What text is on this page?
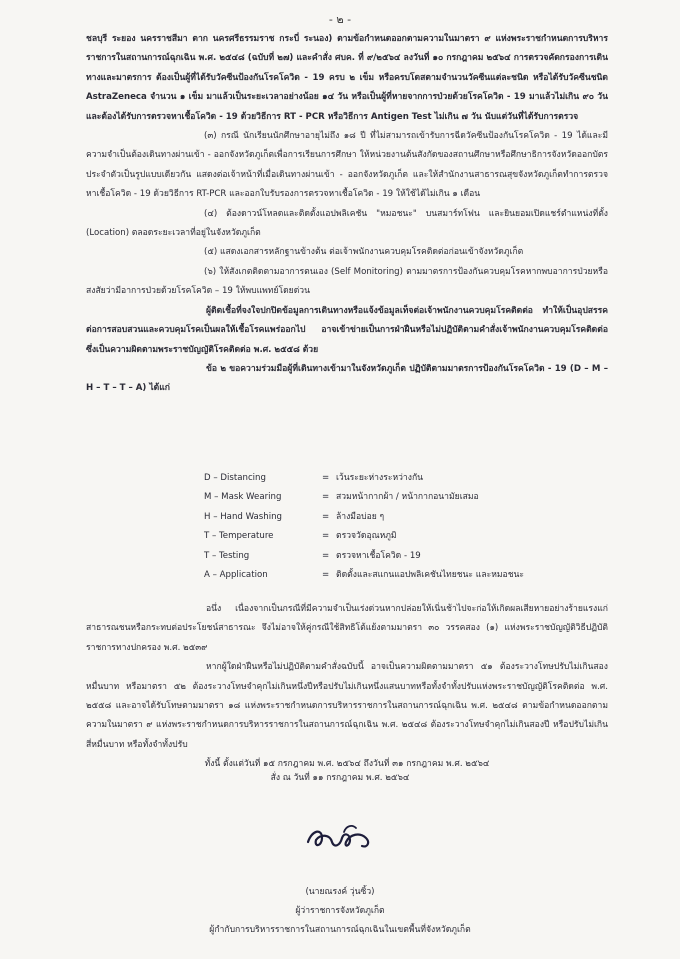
- ๒ -

ชลบุรี ระยอง นครราชสีมา ตาก นครศรีธรรมราช กระบี่ ระนอง) ตามข้อกำหนดออกตามความในมาตรา ๙ แห่งพระราชกำหนดการบริหารราชการในสถานการณ์ฉุกเฉิน พ.ศ. ๒๕๔๘ (ฉบับที่ ๒๗) และคำสั่ง ศบค. ที่ ๙/๒๕๖๔ ลงวันที่ ๑๐ กรกฎาคม ๒๕๖๔ การตรวจคัดกรองการเดินทางและมาตรการ ต้องเป็นผู้ที่ได้รับวัคซีนป้องกันโรคโควิด - 19 ครบ ๒ เข็ม หรือครบโดสตามจำนวนวัคซีนแต่ละชนิด หรือได้รับวัคซีนชนิด AstraZeneca จำนวน ๑ เข็ม มาแล้วเป็นระยะเวลาอย่างน้อย ๑๔ วัน หรือเป็นผู้ที่หายจากการป่วยด้วยโรคโควิด - 19 มาแล้วไม่เกิน ๙๐ วัน และต้องได้รับการตรวจหาเชื้อโควิด - 19 ด้วยวิธีการ RT - PCR หรือวิธีการ Antigen Test ไม่เกิน ๗ วัน นับแต่วันที่ได้รับการตรวจ

(๓) กรณี นักเรียนนักศึกษาอายุไม่ถึง ๑๘ ปี ที่ไม่สามารถเข้ารับการฉีดวัคซีนป้องกันโรคโควิด - 19 ได้และมีความจำเป็นต้องเดินทางผ่านเข้า - ออกจังหวัดภูเก็ตเพื่อการเรียนการศึกษา ให้หน่วยงานต้นสังกัดของสถานศึกษาหรือศึกษาธิการจังหวัดออกบัตรประจำตัวเป็นรูปแบบเดียวกัน แสดงต่อเจ้าหน้าที่เมื่อเดินทางผ่านเข้า - ออกจังหวัดภูเก็ต และให้สำนักงานสาธารณสุขจังหวัดภูเก็ตทำการตรวจหาเชื้อโควิด - 19 ด้วยวิธีการ RT-PCR และออกใบรับรองการตรวจหาเชื้อโควิด - 19 ให้ใช้ได้ไม่เกิน ๑ เดือน

(๔) ต้องดาวน์โหลดและติดตั้งแอปพลิเคชัน "หมอชนะ" บนสมาร์ทโฟน และยินยอมเปิดแชร์ตำแหน่งที่ตั้ง (Location) ตลอดระยะเวลาที่อยู่ในจังหวัดภูเก็ต

(๕) แสดงเอกสารหลักฐานข้างต้น ต่อเจ้าพนักงานควบคุมโรคติดต่อก่อนเข้าจังหวัดภูเก็ต

(๖) ให้สังเกตติดตามอาการตนเอง (Self Monitoring) ตามมาตรการป้องกันควบคุมโรคหากพบอาการป่วยหรือสงสัยว่ามีอาการป่วยด้วยโรคโควิด – 19 ให้พบแพทย์โดยด่วน

ผู้ติดเชื้อที่จงใจปกปิดข้อมูลการเดินทางหรือแจ้งข้อมูลเท็จต่อเจ้าพนักงานควบคุมโรคติดต่อ ทำให้เป็นอุปสรรคต่อการสอบสวนและควบคุมโรคเป็นผลให้เชื้อโรคแพร่ออกไป อาจเข้าข่ายเป็นการฝ่าฝืนหรือไม่ปฏิบัติตามคำสั่งเจ้าพนักงานควบคุมโรคติดต่อ ซึ่งเป็นความผิดตามพระราชบัญญัติโรคติดต่อ พ.ศ. ๒๕๕๘ ด้วย

ข้อ ๒ ขอความร่วมมือผู้ที่เดินทางเข้ามาในจังหวัดภูเก็ต ปฏิบัติตามมาตรการป้องกันโรคโควิด - 19 (D – M – H – T – T – A) ได้แก่

D – Distancing	= เว้นระยะห่างระหว่างกัน
M – Mask Wearing	= สวมหน้ากากผ้า / หน้ากากอนามัยเสมอ
H – Hand Washing	= ล้างมือบ่อย ๆ
T – Temperature	= ตรวจวัดอุณหภูมิ
T – Testing	= ตรวจหาเชื้อโควิด - 19
A – Application	= ติดตั้งและสแกนแอปพลิเคชันไทยชนะ และหมอชนะ

อนึ่ง เนื่องจากเป็นกรณีที่มีความจำเป็นเร่งด่วนหากปล่อยให้เนิ่นช้าไปจะก่อให้เกิดผลเสียหายอย่างร้ายแรงแก่สาธารณชนหรือกระทบต่อประโยชน์สาธารณะ จึงไม่อาจให้คู่กรณีใช้สิทธิโต้แย้งตามมาตรา ๓๐ วรรคสอง (๑) แห่งพระราชบัญญัติวิธีปฏิบัติราชการทางปกครอง พ.ศ. ๒๕๓๙

หากผู้ใดฝ่าฝืนหรือไม่ปฏิบัติตามคำสั่งฉบับนี้ อาจเป็นความผิดตามมาตรา ๕๑ ต้องระวางโทษปรับไม่เกินสองหมื่นบาท หรือมาตรา ๕๒ ต้องระวางโทษจำคุกไม่เกินหนึ่งปีหรือปรับไม่เกินหนึ่งแสนบาทหรือทั้งจำทั้งปรับแห่งพระราชบัญญัติโรคติดต่อ พ.ศ. ๒๕๕๘ และอาจได้รับโทษตามมาตรา ๑๘ แห่งพระราชกำหนดการบริหารราชการในสถานการณ์ฉุกเฉิน พ.ศ. ๒๕๔๘ ตามข้อกำหนดออกตามความในมาตรา ๙ แห่งพระราชกำหนดการบริหารราชการในสถานการณ์ฉุกเฉิน พ.ศ. ๒๕๔๘ ต้องระวางโทษจำคุกไม่เกินสองปี หรือปรับไม่เกินสี่หมื่นบาท หรือทั้งจำทั้งปรับ

ทั้งนี้ ตั้งแต่วันที่ ๑๕ กรกฎาคม พ.ศ. ๒๕๖๔ ถึงวันที่ ๓๑ กรกฎาคม พ.ศ. ๒๕๖๔

สั่ง ณ วันที่ ๑๑ กรกฎาคม พ.ศ. ๒๕๖๔
(นายณรงค์ วุ่นซิ้ว)
ผู้ว่าราชการจังหวัดภูเก็ต
ผู้กำกับการบริหารราชการในสถานการณ์ฉุกเฉินในเขตพื้นที่จังหวัดภูเก็ต
